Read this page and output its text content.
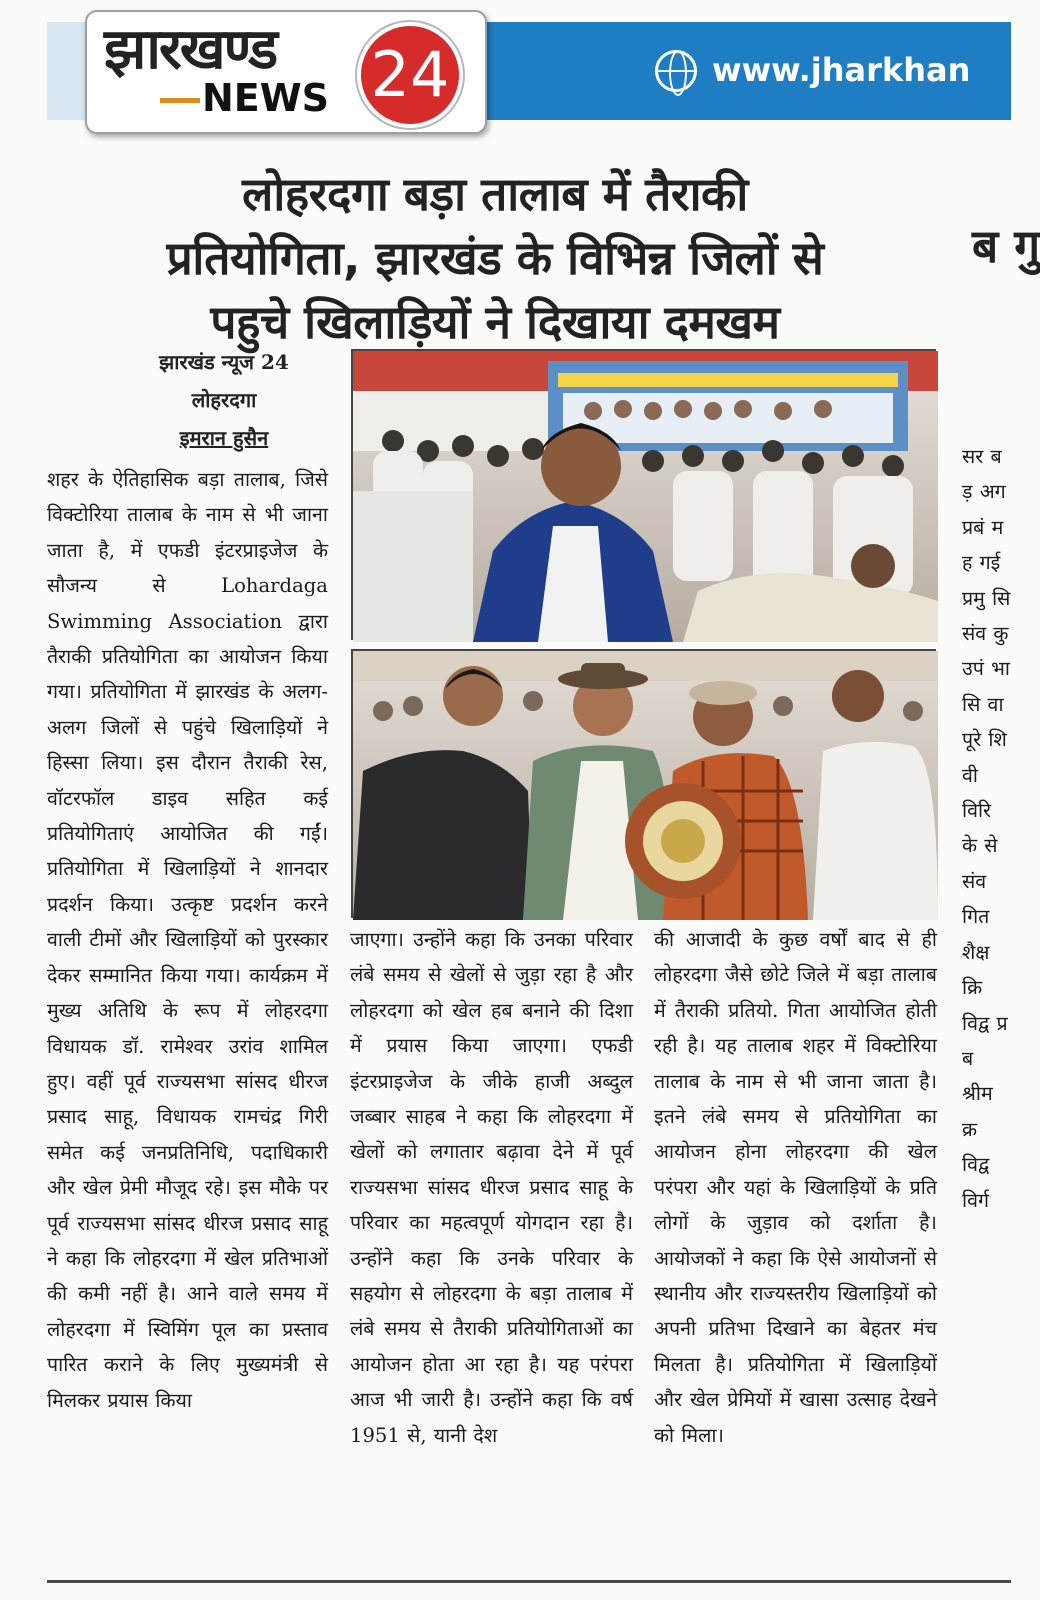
झारखण्ड
NEWS 24	www.jharkhan
लोहरदगा बड़ा तालाब में तैराकी
प्रतियोगिता, झारखंड के विभिन्न जिलों से
पहुचे खिलाड़ियों ने दिखाया दमखम
ब गु
झारखंड न्यूज 24
लोहरदगा
इमरान हुसैन
शहर के ऐतिहासिक बड़ा तालाब, जिसे विक्टोरिया तालाब के नाम से भी जाना जाता है, में एफडी इंटरप्राइजेज के सौजन्य से Lohardaga Swimming Association द्वारा तैराकी प्रतियोगिता का आयोजन किया गया। प्रतियोगिता में झारखंड के अलग-अलग जिलों से पहुंचे खिलाड़ियों ने हिस्सा लिया। इस दौरान तैराकी रेस, वॉटरफॉल डाइव सहित कई प्रतियोगिताएं आयोजित की गईं। प्रतियोगिता में खिलाड़ियों ने शानदार प्रदर्शन किया। उत्कृष्ट प्रदर्शन करने वाली टीमों और खिलाड़ियों को पुरस्कार देकर सम्मानित किया गया। कार्यक्रम में मुख्य अतिथि के रूप में लोहरदगा विधायक डॉ. रामेश्वर उरांव शामिल हुए। वहीं पूर्व राज्यसभा सांसद धीरज प्रसाद साहू, विधायक रामचंद्र गिरी समेत कई जनप्रतिनिधि, पदाधिकारी और खेल प्रेमी मौजूद रहे। इस मौके पर पूर्व राज्यसभा सांसद धीरज प्रसाद साहू ने कहा कि लोहरदगा में खेल प्रतिभाओं की कमी नहीं है। आने वाले समय में लोहरदगा में स्विमिंग पूल का प्रस्ताव पारित कराने के लिए मुख्यमंत्री से मिलकर प्रयास किया
जाएगा। उन्होंने कहा कि उनका परिवार लंबे समय से खेलों से जुड़ा रहा है और लोहरदगा को खेल हब बनाने की दिशा में प्रयास किया जाएगा। एफडी इंटरप्राइजेज के जीके हाजी अब्दुल जब्बार साहब ने कहा कि लोहरदगा में खेलों को लगातार बढ़ावा देने में पूर्व राज्यसभा सांसद धीरज प्रसाद साहू के परिवार का महत्वपूर्ण योगदान रहा है। उन्होंने कहा कि उनके परिवार के सहयोग से लोहरदगा के बड़ा तालाब में लंबे समय से तैराकी प्रतियोगिताओं का आयोजन होता आ रहा है। यह परंपरा आज भी जारी है। उन्होंने कहा कि वर्ष 1951 से, यानी देश
की आजादी के कुछ वर्षों बाद से ही लोहरदगा जैसे छोटे जिले में बड़ा तालाब में तैराकी प्रतियो. गिता आयोजित होती रही है। यह तालाब शहर में विक्टोरिया तालाब के नाम से भी जाना जाता है। इतने लंबे समय से प्रतियोगिता का आयोजन होना लोहरदगा की खेल परंपरा और यहां के खिलाड़ियों के प्रति लोगों के जुड़ाव को दर्शाता है। आयोजकों ने कहा कि ऐसे आयोजनों से स्थानीय और राज्यस्तरीय खिलाड़ियों को अपनी प्रतिभा दिखाने का बेहतर मंच मिलता है। प्रतियोगिता में खिलाड़ियों और खेल प्रेमियों में खासा उत्साह देखने को मिला।
सर बड़ अग प्रबं मह गई प्रमु सि संव कु उपं भा सि वा पूरे शि वी विरि के से संव गित शैक्ष क्रि विद्व प्रब श्रीम क्र विद्व विर्ग
